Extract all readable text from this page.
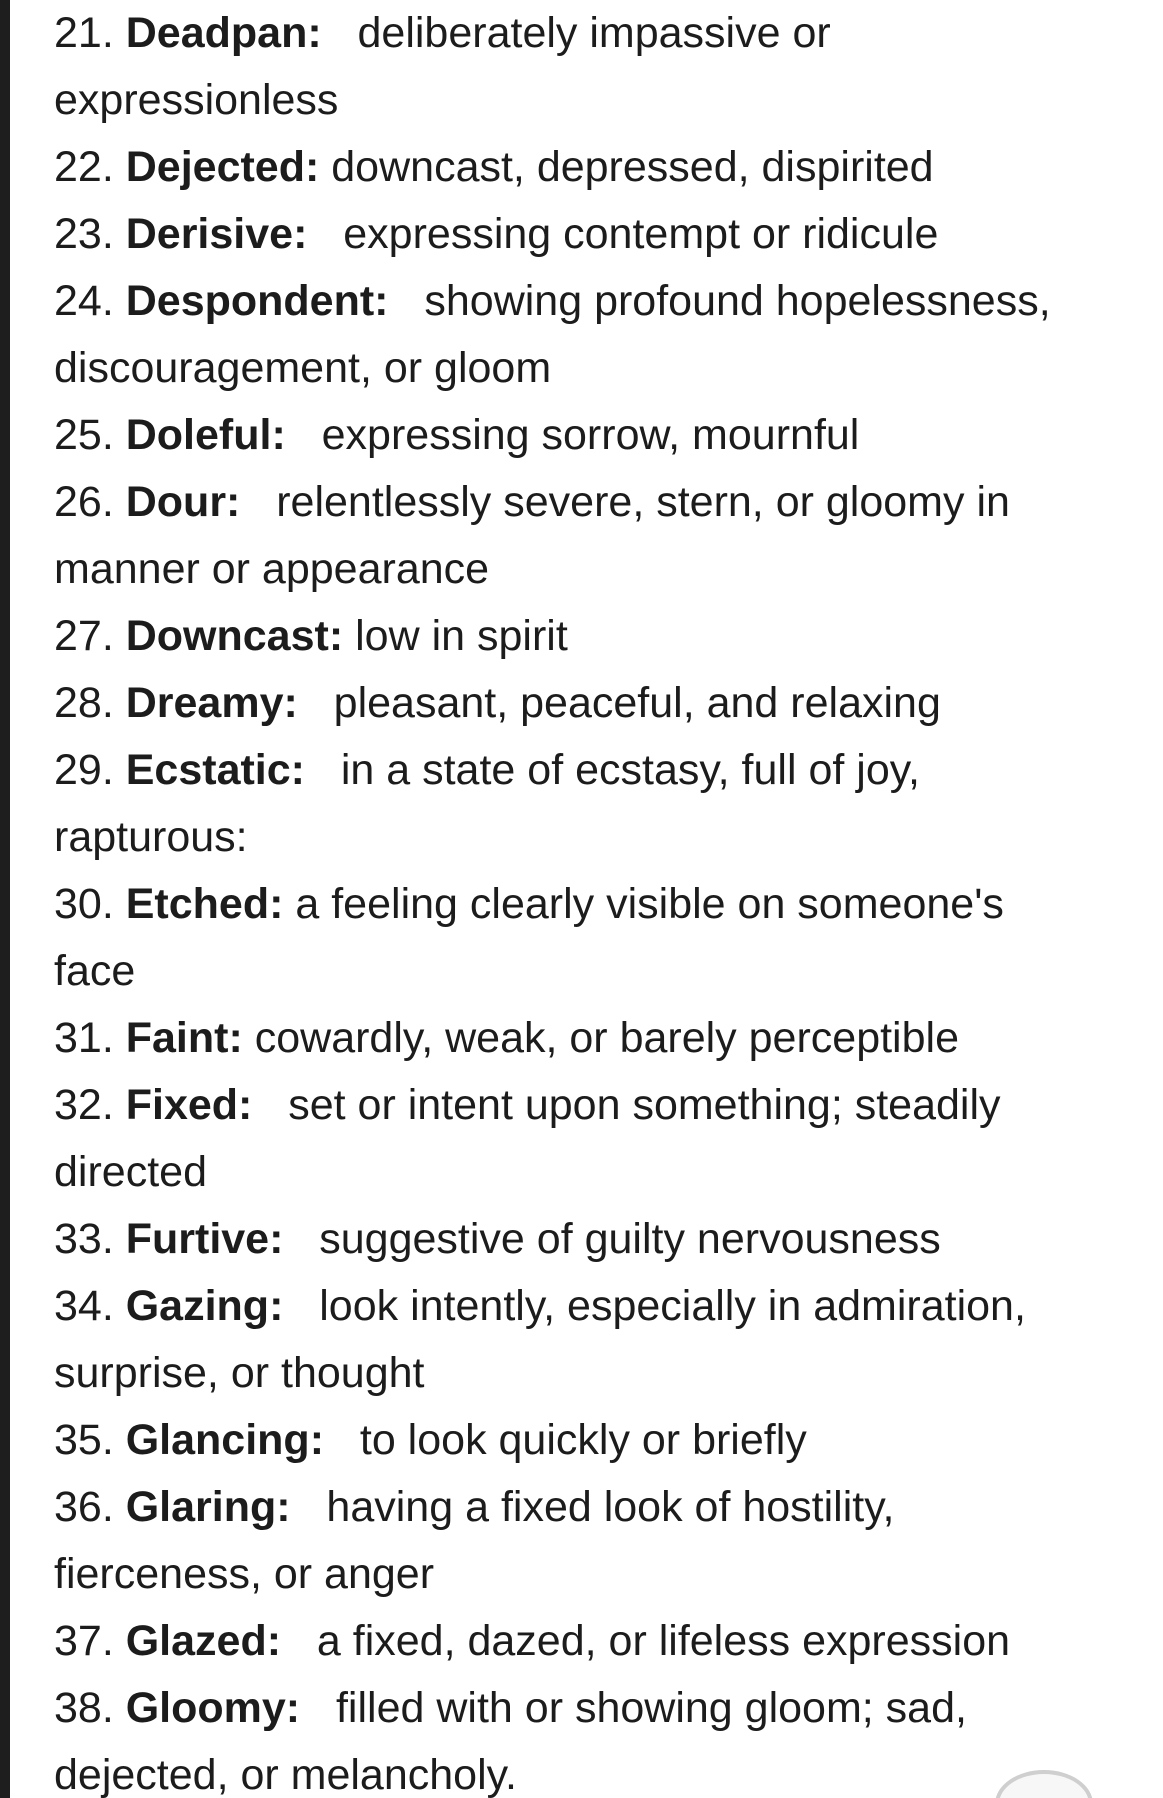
21. Deadpan: deliberately impassive or expressionless

22. Dejected: downcast, depressed, dispirited

23. Derisive: expressing contempt or ridicule

24. Despondent: showing profound hopelessness, discouragement, or gloom

25. Doleful: expressing sorrow, mournful

26. Dour: relentlessly severe, stern, or gloomy in manner or appearance

27. Downcast: low in spirit

28. Dreamy: pleasant, peaceful, and relaxing

29. Ecstatic: in a state of ecstasy, full of joy, rapturous:

30. Etched: a feeling clearly visible on someone's face

31. Faint: cowardly, weak, or barely perceptible

32. Fixed: set or intent upon something; steadily directed

33. Furtive: suggestive of guilty nervousness

34. Gazing: look intently, especially in admiration, surprise, or thought

35. Glancing: to look quickly or briefly

36. Glaring: having a fixed look of hostility, fierceness, or anger

37. Glazed: a fixed, dazed, or lifeless expression

38. Gloomy: filled with or showing gloom; sad, dejected, or melancholy.
